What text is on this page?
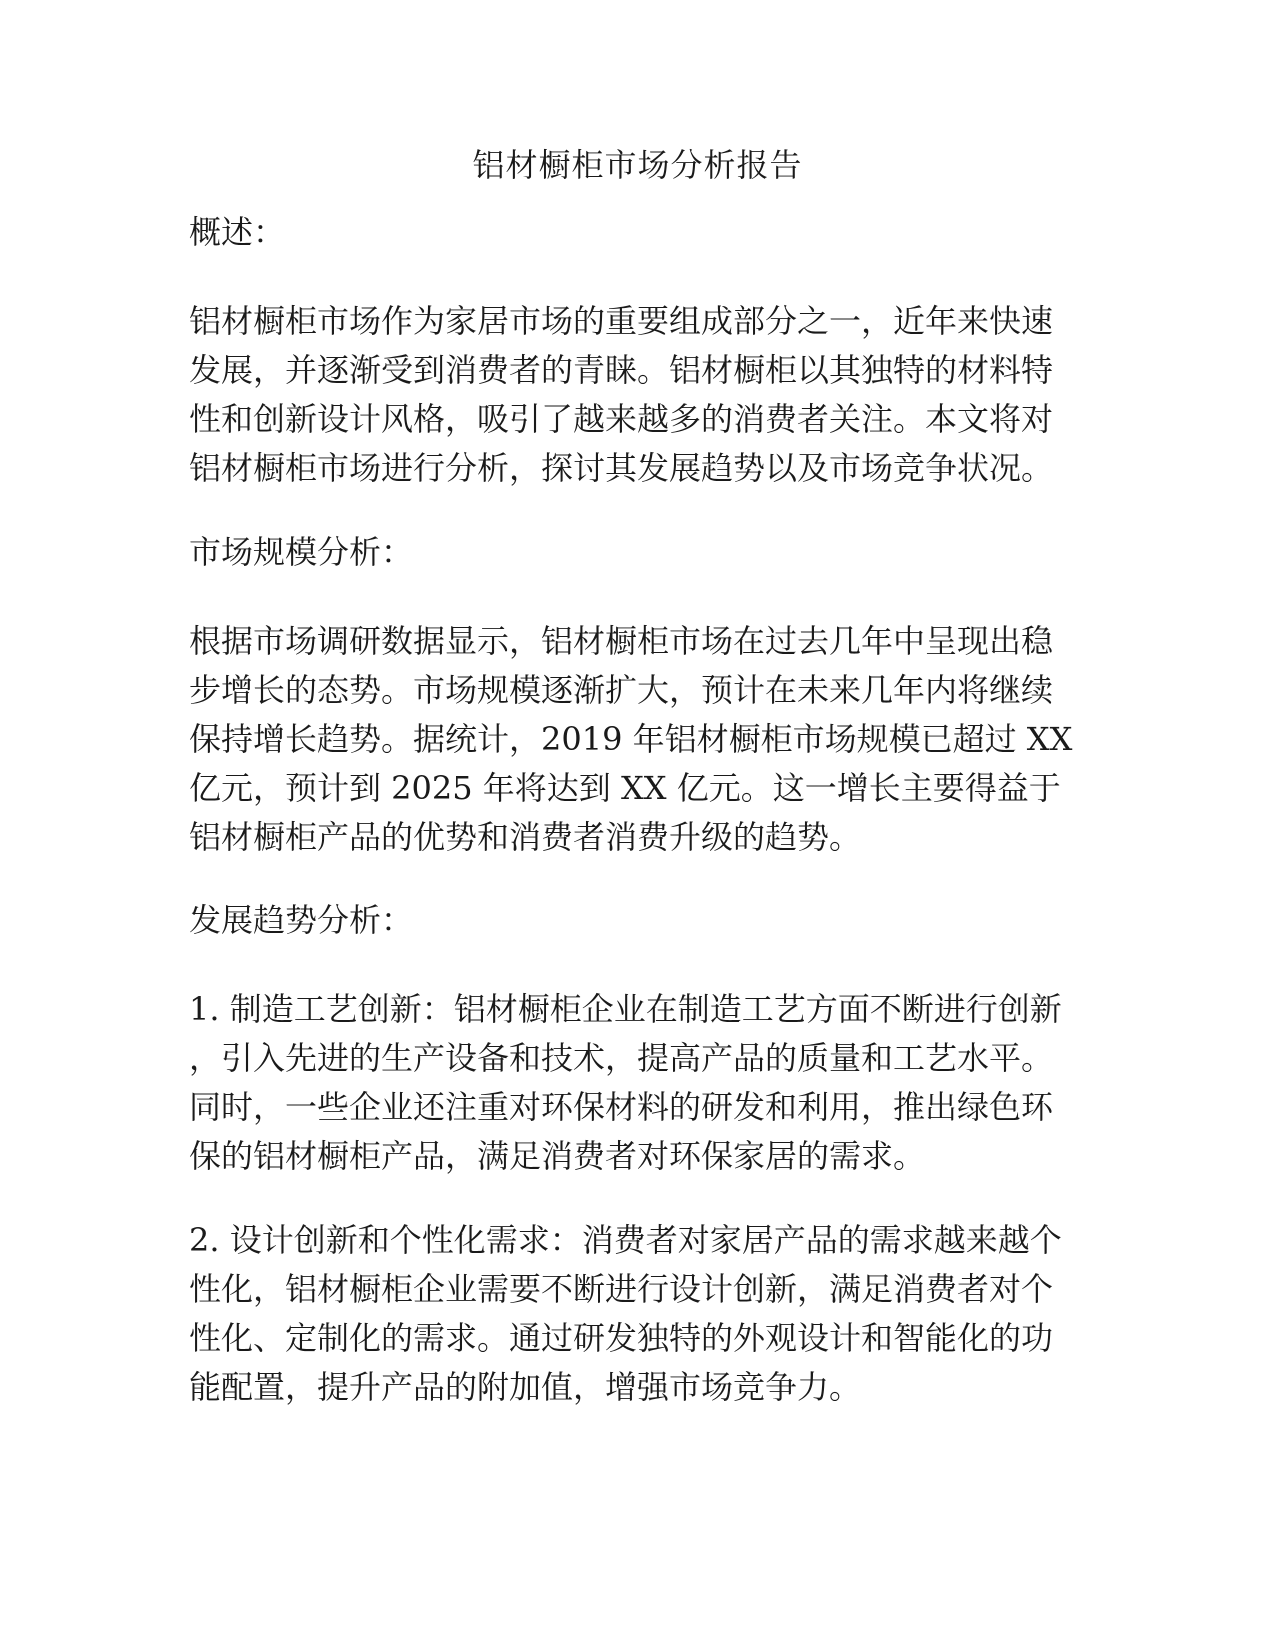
铝材橱柜市场分析报告

概述：

铝材橱柜市场作为家居市场的重要组成部分之一，近年来快速
发展，并逐渐受到消费者的青睐。铝材橱柜以其独特的材料特
性和创新设计风格，吸引了越来越多的消费者关注。本文将对
铝材橱柜市场进行分析，探讨其发展趋势以及市场竞争状况。

市场规模分析：

根据市场调研数据显示，铝材橱柜市场在过去几年中呈现出稳
步增长的态势。市场规模逐渐扩大，预计在未来几年内将继续
保持增长趋势。据统计，2019 年铝材橱柜市场规模已超过 XX
亿元，预计到 2025 年将达到 XX 亿元。这一增长主要得益于
铝材橱柜产品的优势和消费者消费升级的趋势。

发展趋势分析：

1. 制造工艺创新：铝材橱柜企业在制造工艺方面不断进行创新
，引入先进的生产设备和技术，提高产品的质量和工艺水平。
同时，一些企业还注重对环保材料的研发和利用，推出绿色环
保的铝材橱柜产品，满足消费者对环保家居的需求。

2. 设计创新和个性化需求：消费者对家居产品的需求越来越个
性化，铝材橱柜企业需要不断进行设计创新，满足消费者对个
性化、定制化的需求。通过研发独特的外观设计和智能化的功
能配置，提升产品的附加值，增强市场竞争力。
